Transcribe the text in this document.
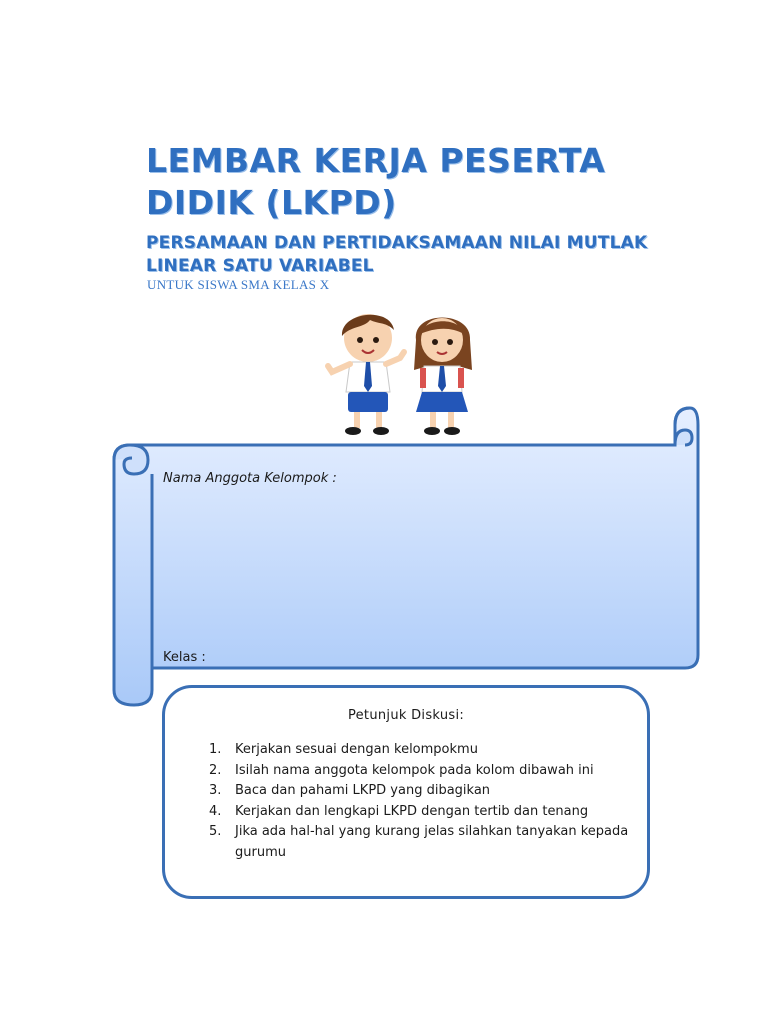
LEMBAR KERJA PESERTA DIDIK (LKPD)
PERSAMAAN DAN PERTIDAKSAMAAN NILAI MUTLAK LINEAR SATU VARIABEL
UNTUK SISWA SMA KELAS X
Nama Anggota Kelompok :
Kelas :
Petunjuk Diskusi:
1. Kerjakan sesuai dengan kelompokmu
2. Isilah nama anggota kelompok pada kolom dibawah ini
3. Baca dan pahami LKPD yang dibagikan
4. Kerjakan dan lengkapi LKPD dengan tertib dan tenang
5. Jika ada hal-hal yang kurang jelas silahkan tanyakan kepada gurumu
